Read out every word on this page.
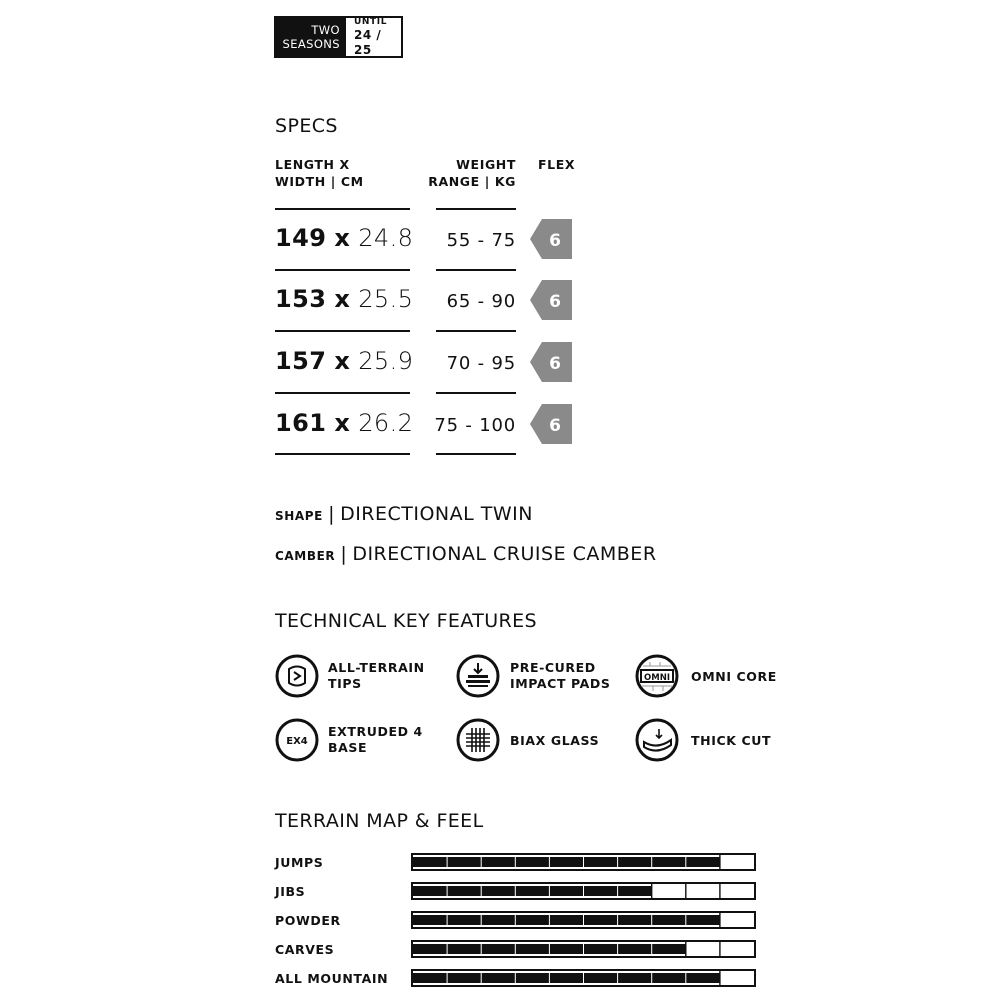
TWO
SEASONS
UNTIL
24 / 25
SPECS
LENGTH X
WIDTH | CM
WEIGHT
RANGE | KG
FLEX
149 x 24.8	55 - 75 6
153 x 25.5	65 - 90 6
157 x 25.9	70 - 95 6
161 x 26.2	75 - 100 6
SHAPE | DIRECTIONAL TWIN
CAMBER | DIRECTIONAL CRUISE CAMBER
TECHNICAL KEY FEATURES
ALL-TERRAIN
TIPS
PRE-CURED
IMPACT PADS	OMNI OMNI CORE
EX4
EXTRUDED 4
BASE	BIAX GLASS	THICK CUT
TERRAIN MAP & FEEL
JUMPS
JIBS
POWDER
CARVES
ALL MOUNTAIN
